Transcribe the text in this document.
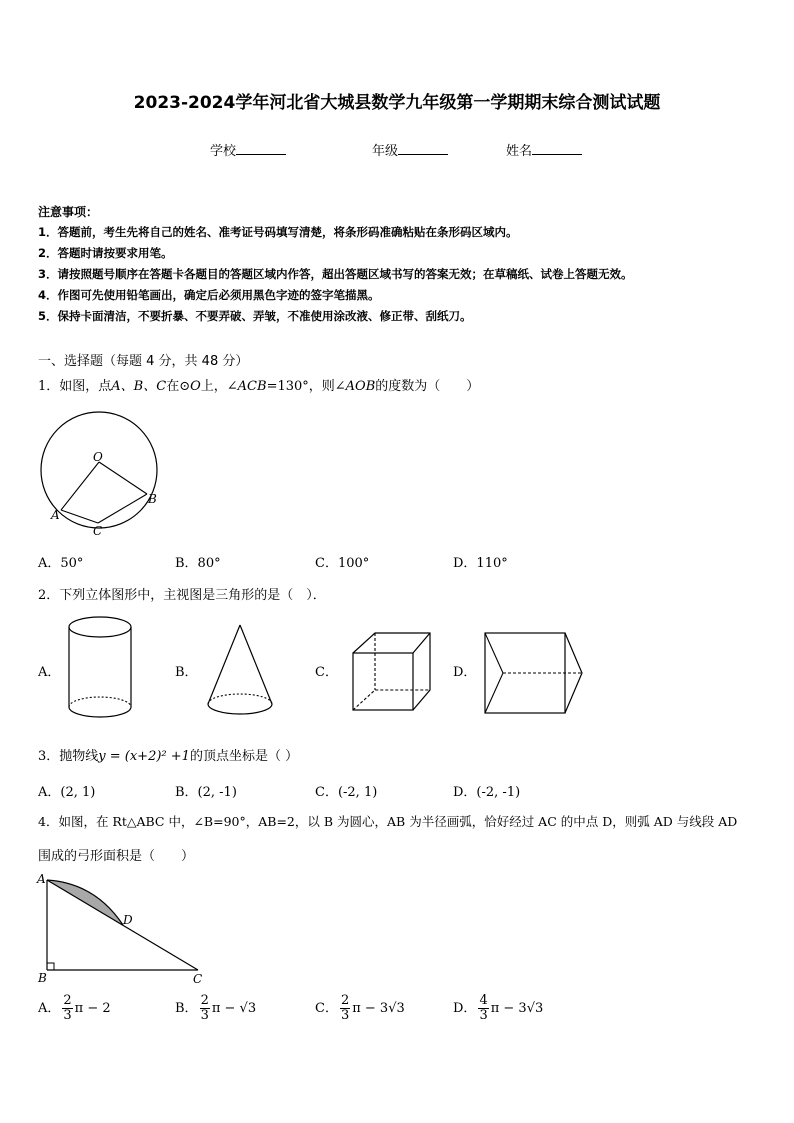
2023-2024学年河北省大城县数学九年级第一学期期末综合测试试题
学校	年级	姓名
注意事项：
1．答题前，考生先将自己的姓名、准考证号码填写清楚，将条形码准确粘贴在条形码区域内。
2．答题时请按要求用笔。
3．请按照题号顺序在答题卡各题目的答题区域内作答，超出答题区域书写的答案无效；在草稿纸、试卷上答题无效。
4．作图可先使用铅笔画出，确定后必须用黑色字迹的签字笔描黑。
5．保持卡面清洁，不要折暴、不要弄破、弄皱，不准使用涂改液、修正带、刮纸刀。
一、选择题（每题 4 分，共 48 分）
1．如图，点A、B、C在⊙O上，∠ACB=130°，则∠AOB的度数为（　　）
O
A
B
C
A．50°	B．80°	C．100°	D．110°
2．下列立体图形中，主视图是三角形的是（　）．
A．	B．	C．	D．
3．抛物线y = (x+2)² +1的顶点坐标是（ ）
A．(2, 1)	B．(2, -1)	C．(-2, 1)	D．(-2, -1)
4．如图，在 Rt△ABC 中，∠B=90°，AB=2，以 B 为圆心，AB 为半径画弧，恰好经过 AC 的中点 D，则弧 AD 与线段 AD
围成的弓形面积是（　　）
A
B	C
D
A． $\frac{2}{3}$ π − 2	B． $\frac{2}{3}$ π − √3	C． $\frac{2}{3}$ π − 3√3	D． $\frac{4}{3}$ π − 3√3
